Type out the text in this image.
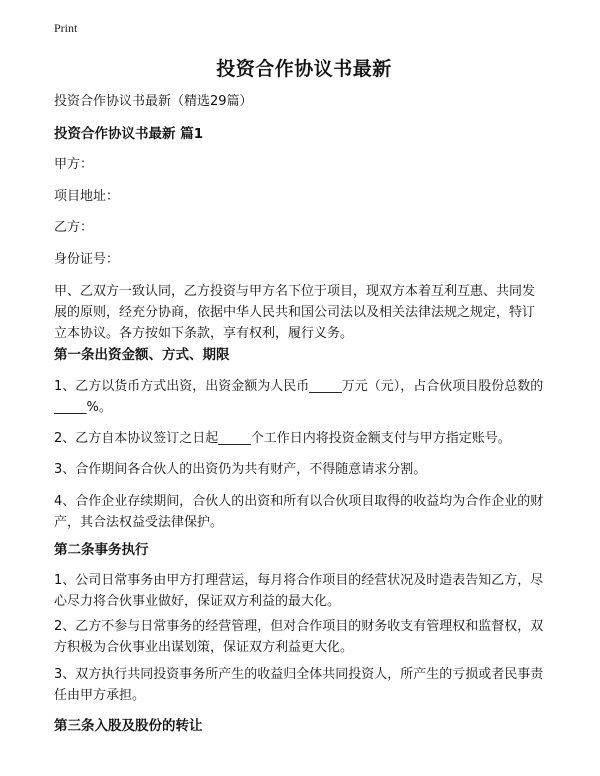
Print
投资合作协议书最新

投资合作协议书最新（精选29篇）

投资合作协议书最新 篇1

甲方：

项目地址：

乙方：

身份证号：

甲、乙双方一致认同，乙方投资与甲方名下位于项目，现双方本着互利互惠、共同发展的原则，经充分协商，依据中华人民共和国公司法以及相关法律法规之规定，特订立本协议。各方按如下条款，享有权利，履行义务。

第一条出资金额、方式、期限

1、乙方以货币方式出资，出资金额为人民币_____万元（元），占合伙项目股份总数的_____%。

2、乙方自本协议签订之日起_____个工作日内将投资金额支付与甲方指定账号。

3、合作期间各合伙人的出资仍为共有财产，不得随意请求分割。

4、合作企业存续期间，合伙人的出资和所有以合伙项目取得的收益均为合作企业的财产，其合法权益受法律保护。

第二条事务执行

1、公司日常事务由甲方打理营运，每月将合作项目的经营状况及时造表告知乙方，尽心尽力将合伙事业做好，保证双方利益的最大化。

2、乙方不参与日常事务的经营管理，但对合作项目的财务收支有管理权和监督权，双方积极为合伙事业出谋划策，保证双方利益更大化。

3、双方执行共同投资事务所产生的收益归全体共同投资人，所产生的亏损或者民事责任由甲方承担。

第三条入股及股份的转让
